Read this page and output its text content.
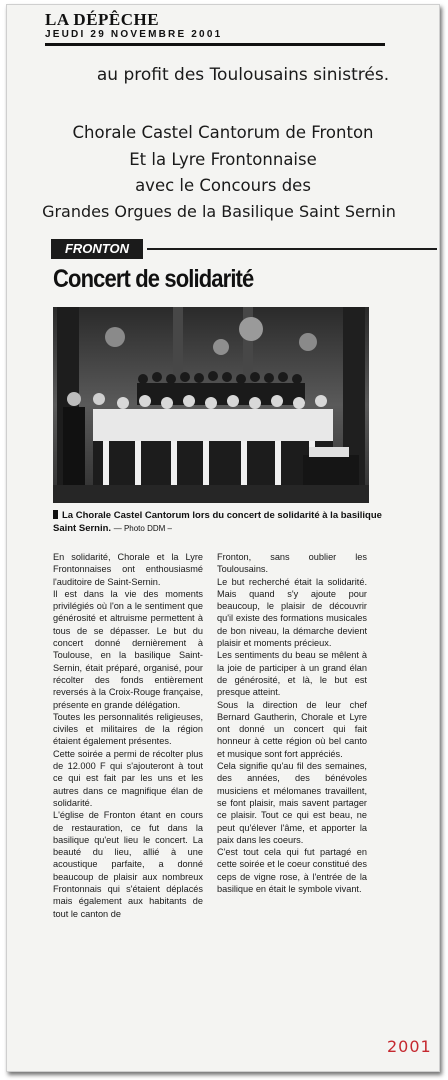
LA DÉPÊCHE
JEUDI 29 NOVEMBRE 2001
au profit des Toulousains sinistrés.
Chorale Castel Cantorum de Fronton
Et la Lyre Frontonnaise
avec le Concours des
Grandes Orgues de la Basilique Saint Sernin
FRONTON
Concert de solidarité
La Chorale Castel Cantorum lors du concert de solidarité à la basilique Saint Sernin. — Photo DDM –

En solidarité, Chorale et la Lyre Frontonnaises ont enthousiasmé l'auditoire de Saint-Sernin.

Il est dans la vie des moments privilégiés où l'on a le sentiment que générosité et altruisme permettent à tous de se dépasser. Le but du concert donné dernièrement à Toulouse, en la basilique Saint-Sernin, était préparé, organisé, pour récolter des fonds entièrement reversés à la Croix-Rouge française, présente en grande délégation.

Toutes les personnalités religieuses, civiles et militaires de la région étaient également présentes.

Cette soirée a permi de récolter plus de 12.000 F qui s'ajouteront à tout ce qui est fait par les uns et les autres dans ce magnifique élan de solidarité.

L'église de Fronton étant en cours de restauration, ce fut dans la basilique qu'eut lieu le concert. La beauté du lieu, allié à une acoustique parfaite, a donné beaucoup de plaisir aux nombreux Frontonnais qui s'étaient déplacés mais également aux habitants de tout le canton de

Fronton, sans oublier les Toulousains.

Le but recherché était la solidarité. Mais quand s'y ajoute pour beaucoup, le plaisir de découvrir qu'il existe des formations musicales de bon niveau, la démarche devient plaisir et moments précieux.

Les sentiments du beau se mêlent à la joie de participer à un grand élan de générosité, et là, le but est presque atteint.

Sous la direction de leur chef Bernard Gautherin, Chorale et Lyre ont donné un concert qui fait honneur à cette région où bel canto et musique sont fort appréciés.

Cela signifie qu'au fil des semaines, des années, des bénévoles musiciens et mélomanes travaillent, se font plaisir, mais savent partager ce plaisir. Tout ce qui est beau, ne peut qu'élever l'âme, et apporter la paix dans les coeurs.

C'est tout cela qui fut partagé en cette soirée et le coeur constitué des ceps de vigne rose, à l'entrée de la basilique en était le symbole vivant.

2001
